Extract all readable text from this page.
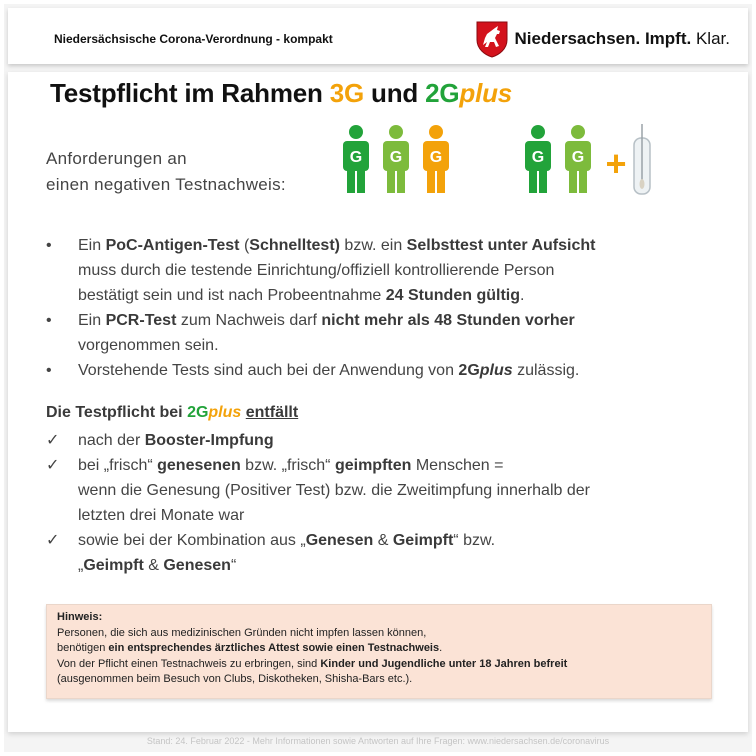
Niedersächsische Corona-Verordnung - kompakt	Niedersachsen. Impft. Klar.
Testpflicht im Rahmen 3G und 2Gplus
Anforderungen an
einen negativen Testnachweis:
G G G	G G +
• Ein PoC-Antigen-Test (Schnelltest) bzw. ein Selbsttest unter Aufsicht
muss durch die testende Einrichtung/offiziell kontrollierende Person
bestätigt sein und ist nach Probeentnahme 24 Stunden gültig.
• Ein PCR-Test zum Nachweis darf nicht mehr als 48 Stunden vorher
vorgenommen sein.
• Vorstehende Tests sind auch bei der Anwendung von 2Gplus zulässig.
Die Testpflicht bei 2Gplus entfällt
✓ nach der Booster-Impfung
✓ bei „frisch“ genesenen bzw. „frisch“ geimpften Menschen =
wenn die Genesung (Positiver Test) bzw. die Zweitimpfung innerhalb der
letzten drei Monate war
✓ sowie bei der Kombination aus „Genesen & Geimpft“ bzw.
„Geimpft & Genesen“
Hinweis:
Personen, die sich aus medizinischen Gründen nicht impfen lassen können,
benötigen ein entsprechendes ärztliches Attest sowie einen Testnachweis.
Von der Pflicht einen Testnachweis zu erbringen, sind Kinder und Jugendliche unter 18 Jahren befreit
(ausgenommen beim Besuch von Clubs, Diskotheken, Shisha-Bars etc.).
Stand: 24. Februar 2022 - Mehr Informationen sowie Antworten auf Ihre Fragen: www.niedersachsen.de/coronavirus
